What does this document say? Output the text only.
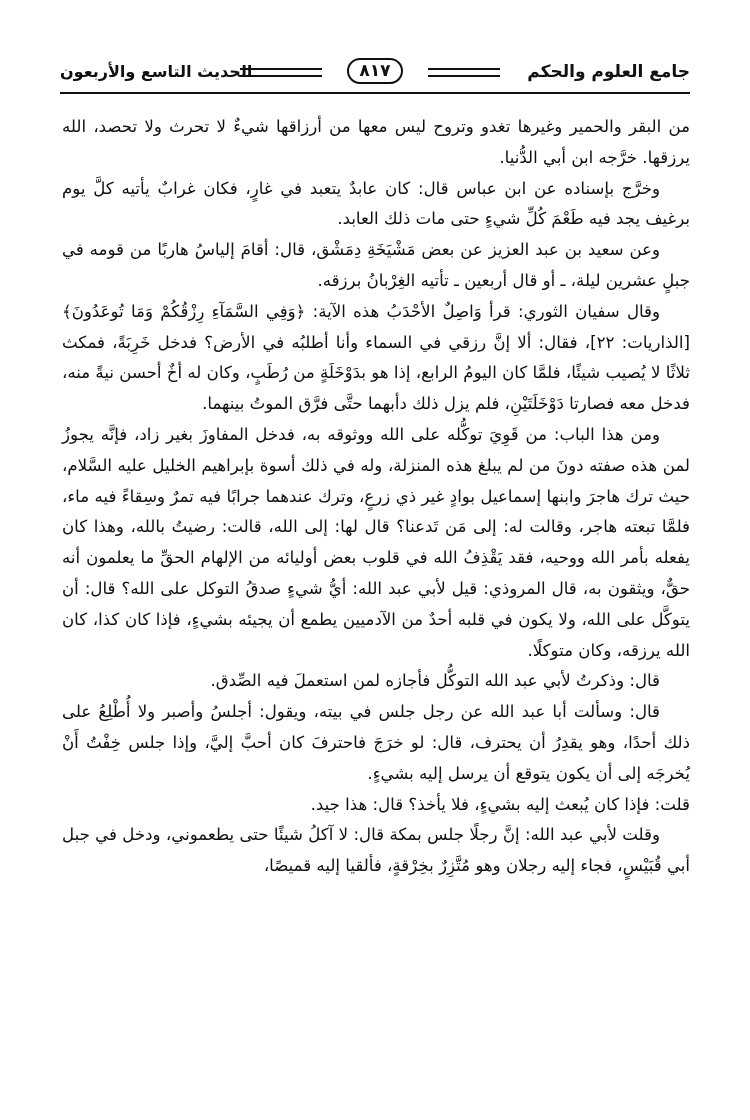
جامع العلوم والحكم
٨١٧
الحديث التاسع والأربعون

من البقر والحمير وغيرها تغدو وتروح ليس معها من أرزاقها شيءٌ لا تحرث ولا تحصد، الله يرزقها. خرَّجه ابن أبي الدُّنيا.

وخرَّج بإسناده عن ابن عباس قال: كان عابدٌ يتعبد في غارٍ، فكان غرابٌ يأتيه كلَّ يوم برغيف يجد فيه طَعْمَ كُلِّ شيءٍ حتى مات ذلك العابد.

وعن سعيد بن عبد العزيز عن بعض مَشْيَخَةِ دِمَشْق، قال: أقامَ إلياسُ هاربًا من قومه في جبلٍ عشرين ليلة، ـ أو قال أربعين ـ تأتيه الغِرْبانُ برزقه.

وقال سفيان الثوري: قرأ وَاصِلٌ الأحْدَبُ هذه الآية: ﴿وَفِي السَّمَآءِ رِزْقُكُمْ وَمَا تُوعَدُونَ﴾ [الذاريات: ٢٢]، فقال: ألا إنَّ رزقي في السماء وأنا أطلبُه في الأرض؟ فدخل خَرِبَةً، فمكث ثلاثًا لا يُصيب شيئًا، فلمَّا كان اليومُ الرابع، إذا هو بدَوْخَلَةٍ من رُطَبٍ، وكان له أخٌ أحسن نيةً منه، فدخل معه فصارتا دَوْخَلَتَيْنِ، فلم يزل ذلك دأبهما حتَّى فرَّق الموتُ بينهما.

ومن هذا الباب: من قَوِيَ توكُّله على الله ووثوقه به، فدخل المفاوزَ بغير زاد، فإنَّه يجوزُ لمن هذه صفته دونَ من لم يبلغ هذه المنزلة، وله في ذلك أسوة بإبراهيم الخليل عليه السَّلام، حيث ترك هاجرَ وابنها إسماعيل بوادٍ غير ذي زرعٍ، وترك عندهما جرابًا فيه تمرٌ وسِقاءً فيه ماء، فلمَّا تبعته هاجر، وقالت له: إلى مَن تَدعنا؟ قال لها: إلى الله، قالت: رضيتُ بالله، وهذا كان يفعله بأمر الله ووحيه، فقد يَقْذِفُ الله في قلوب بعض أوليائه من الإلهام الحقِّ ما يعلمون أنه حقٌّ، ويثقون به، قال المروذي: قيل لأبي عبد الله: أيُّ شيءٍ صدقُ التوكل على الله؟ قال: أن يتوكَّل على الله، ولا يكون في قلبه أحدٌ من الآدميين يطمع أن يجيئه بشيءٍ، فإذا كان كذا، كان الله يرزقه، وكان متوكلًا.

قال: وذكرتُ لأبي عبد الله التوكُّل فأجازه لمن استعملَ فيه الصِّدق.

قال: وسألت أبا عبد الله عن رجل جلس في بيته، ويقول: أجلسُ وأصبر ولا أُطْلِعُ على ذلك أحدًا، وهو يقدِرُ أن يحترف، قال: لو خرَجَ فاحترفَ كان أحبَّ إليَّ، وإذا جلس خِفْتُ أَنْ يُخرجَه إلى أن يكون يتوقع أن يرسل إليه بشيءٍ.

قلت: فإذا كان يُبعث إليه بشيءٍ، فلا يأخذ؟ قال: هذا جيد.

وقلت لأبي عبد الله: إنَّ رجلًا جلس بمكة قال: لا آكلُ شيئًا حتى يطعموني، ودخل في جبل أبي قُبَيْسٍ، فجاء إليه رجلان وهو مُتَّزِرٌ بخِرْقةٍ، فألقيا إليه قميصًا،
